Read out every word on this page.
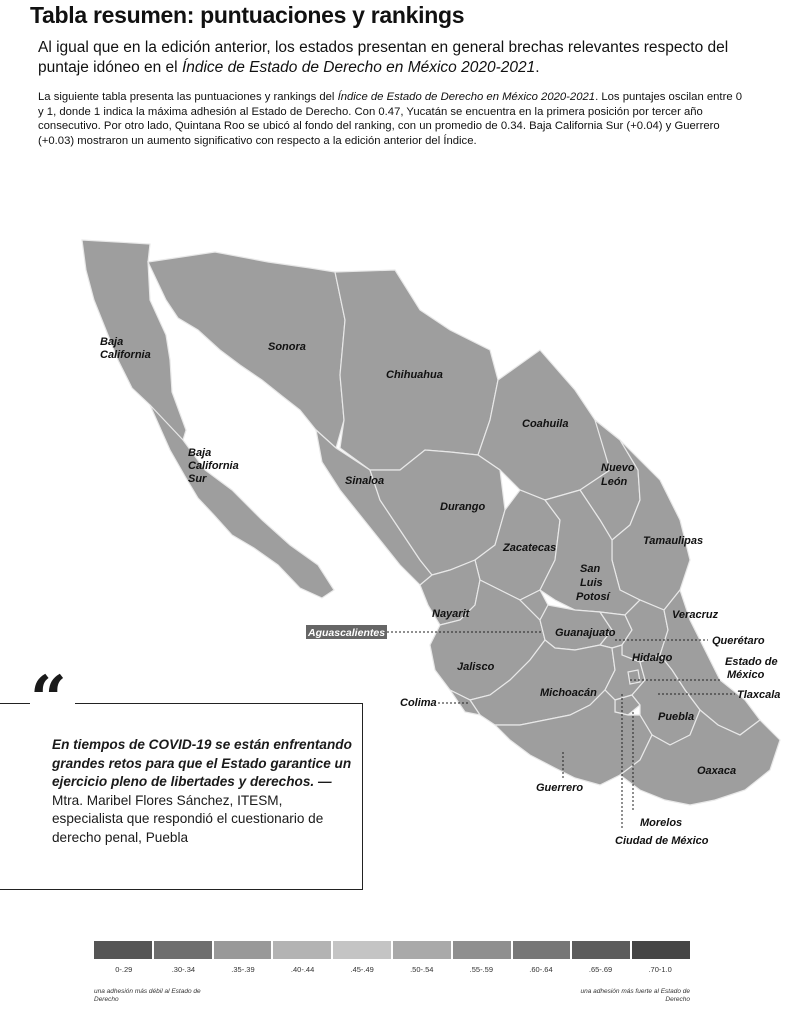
Tabla resumen: puntuaciones y rankings
Al igual que en la edición anterior, los estados presentan en general brechas relevantes respecto del puntaje idóneo en el Índice de Estado de Derecho en México 2020-2021.
La siguiente tabla presenta las puntuaciones y rankings del Índice de Estado de Derecho en México 2020-2021. Los puntajes oscilan entre 0 y 1, donde 1 indica la máxima adhesión al Estado de Derecho. Con 0.47, Yucatán se encuentra en la primera posición por tercer año consecutivo. Por otro lado, Quintana Roo se ubicó al fondo del ranking, con un promedio de 0.34. Baja California Sur (+0.04) y Guerrero (+0.03) mostraron un aumento significativo con respecto a la edición anterior del Índice.
Baja California
Baja California Sur
Sonora
Chihuahua
Coahuila
Nuevo León
Sinaloa
Durango
Tamaulipas
Zacatecas
San Luis Potosí
Nayarit
Aguascalientes	Guanajuato
Veracruz
Querétaro
Hidalgo	Estado de México
Jalisco
Tlaxcala
Colima
Michoacán
Puebla
Oaxaca
Guerrero
Morelos
Ciudad de México
“
En tiempos de COVID-19 se están enfrentando grandes retos para que el Estado garantice un ejercicio pleno de libertades y derechos. — Mtra. Maribel Flores Sánchez, ITESM, especialista que respondió el cuestionario de derecho penal, Puebla
0-.29	.30-.34	.35-.39	.40-.44	.45-.49	.50-.54	.55-.59	.60-.64	.65-.69	.70-1.0
una adhesión más débil al Estado de Derecho
una adhesión más fuerte al Estado de Derecho
